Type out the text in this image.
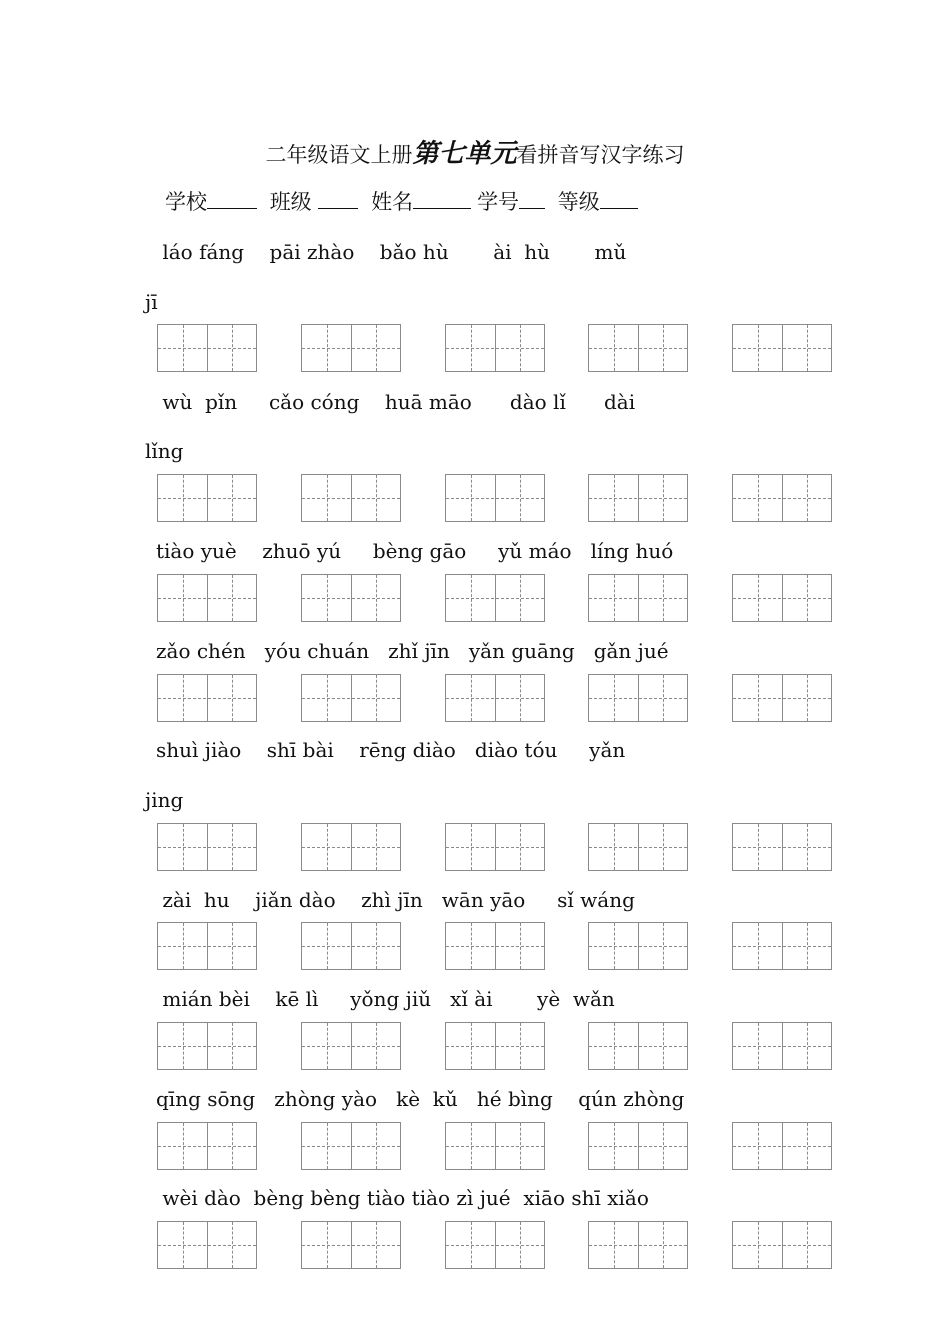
二年级语文上册第七单元看拼音写汉字练习
学校	班级	姓名	学号 等级
láo fáng    pāi zhào    bǎo hù       ài  hù       mǔ
jī
wù  pǐn     cǎo cóng    huā māo      dào lǐ      dài
lǐng
tiào yuè    zhuō yú     bèng gāo     yǔ máo   líng huó
zǎo chén   yóu chuán   zhǐ jīn   yǎn guāng   gǎn jué
shuì jiào    shī bài    rēng diào   diào tóu     yǎn
jing
zài  hu    jiǎn dào    zhì jīn   wān yāo     sǐ wáng
mián bèi    kē lì     yǒng jiǔ   xǐ ài       yè  wǎn
qīng sōng   zhòng yào   kè  kǔ   hé bìng    qún zhòng
wèi dào  bèng bèng tiào tiào zì jué  xiāo shī xiǎo
